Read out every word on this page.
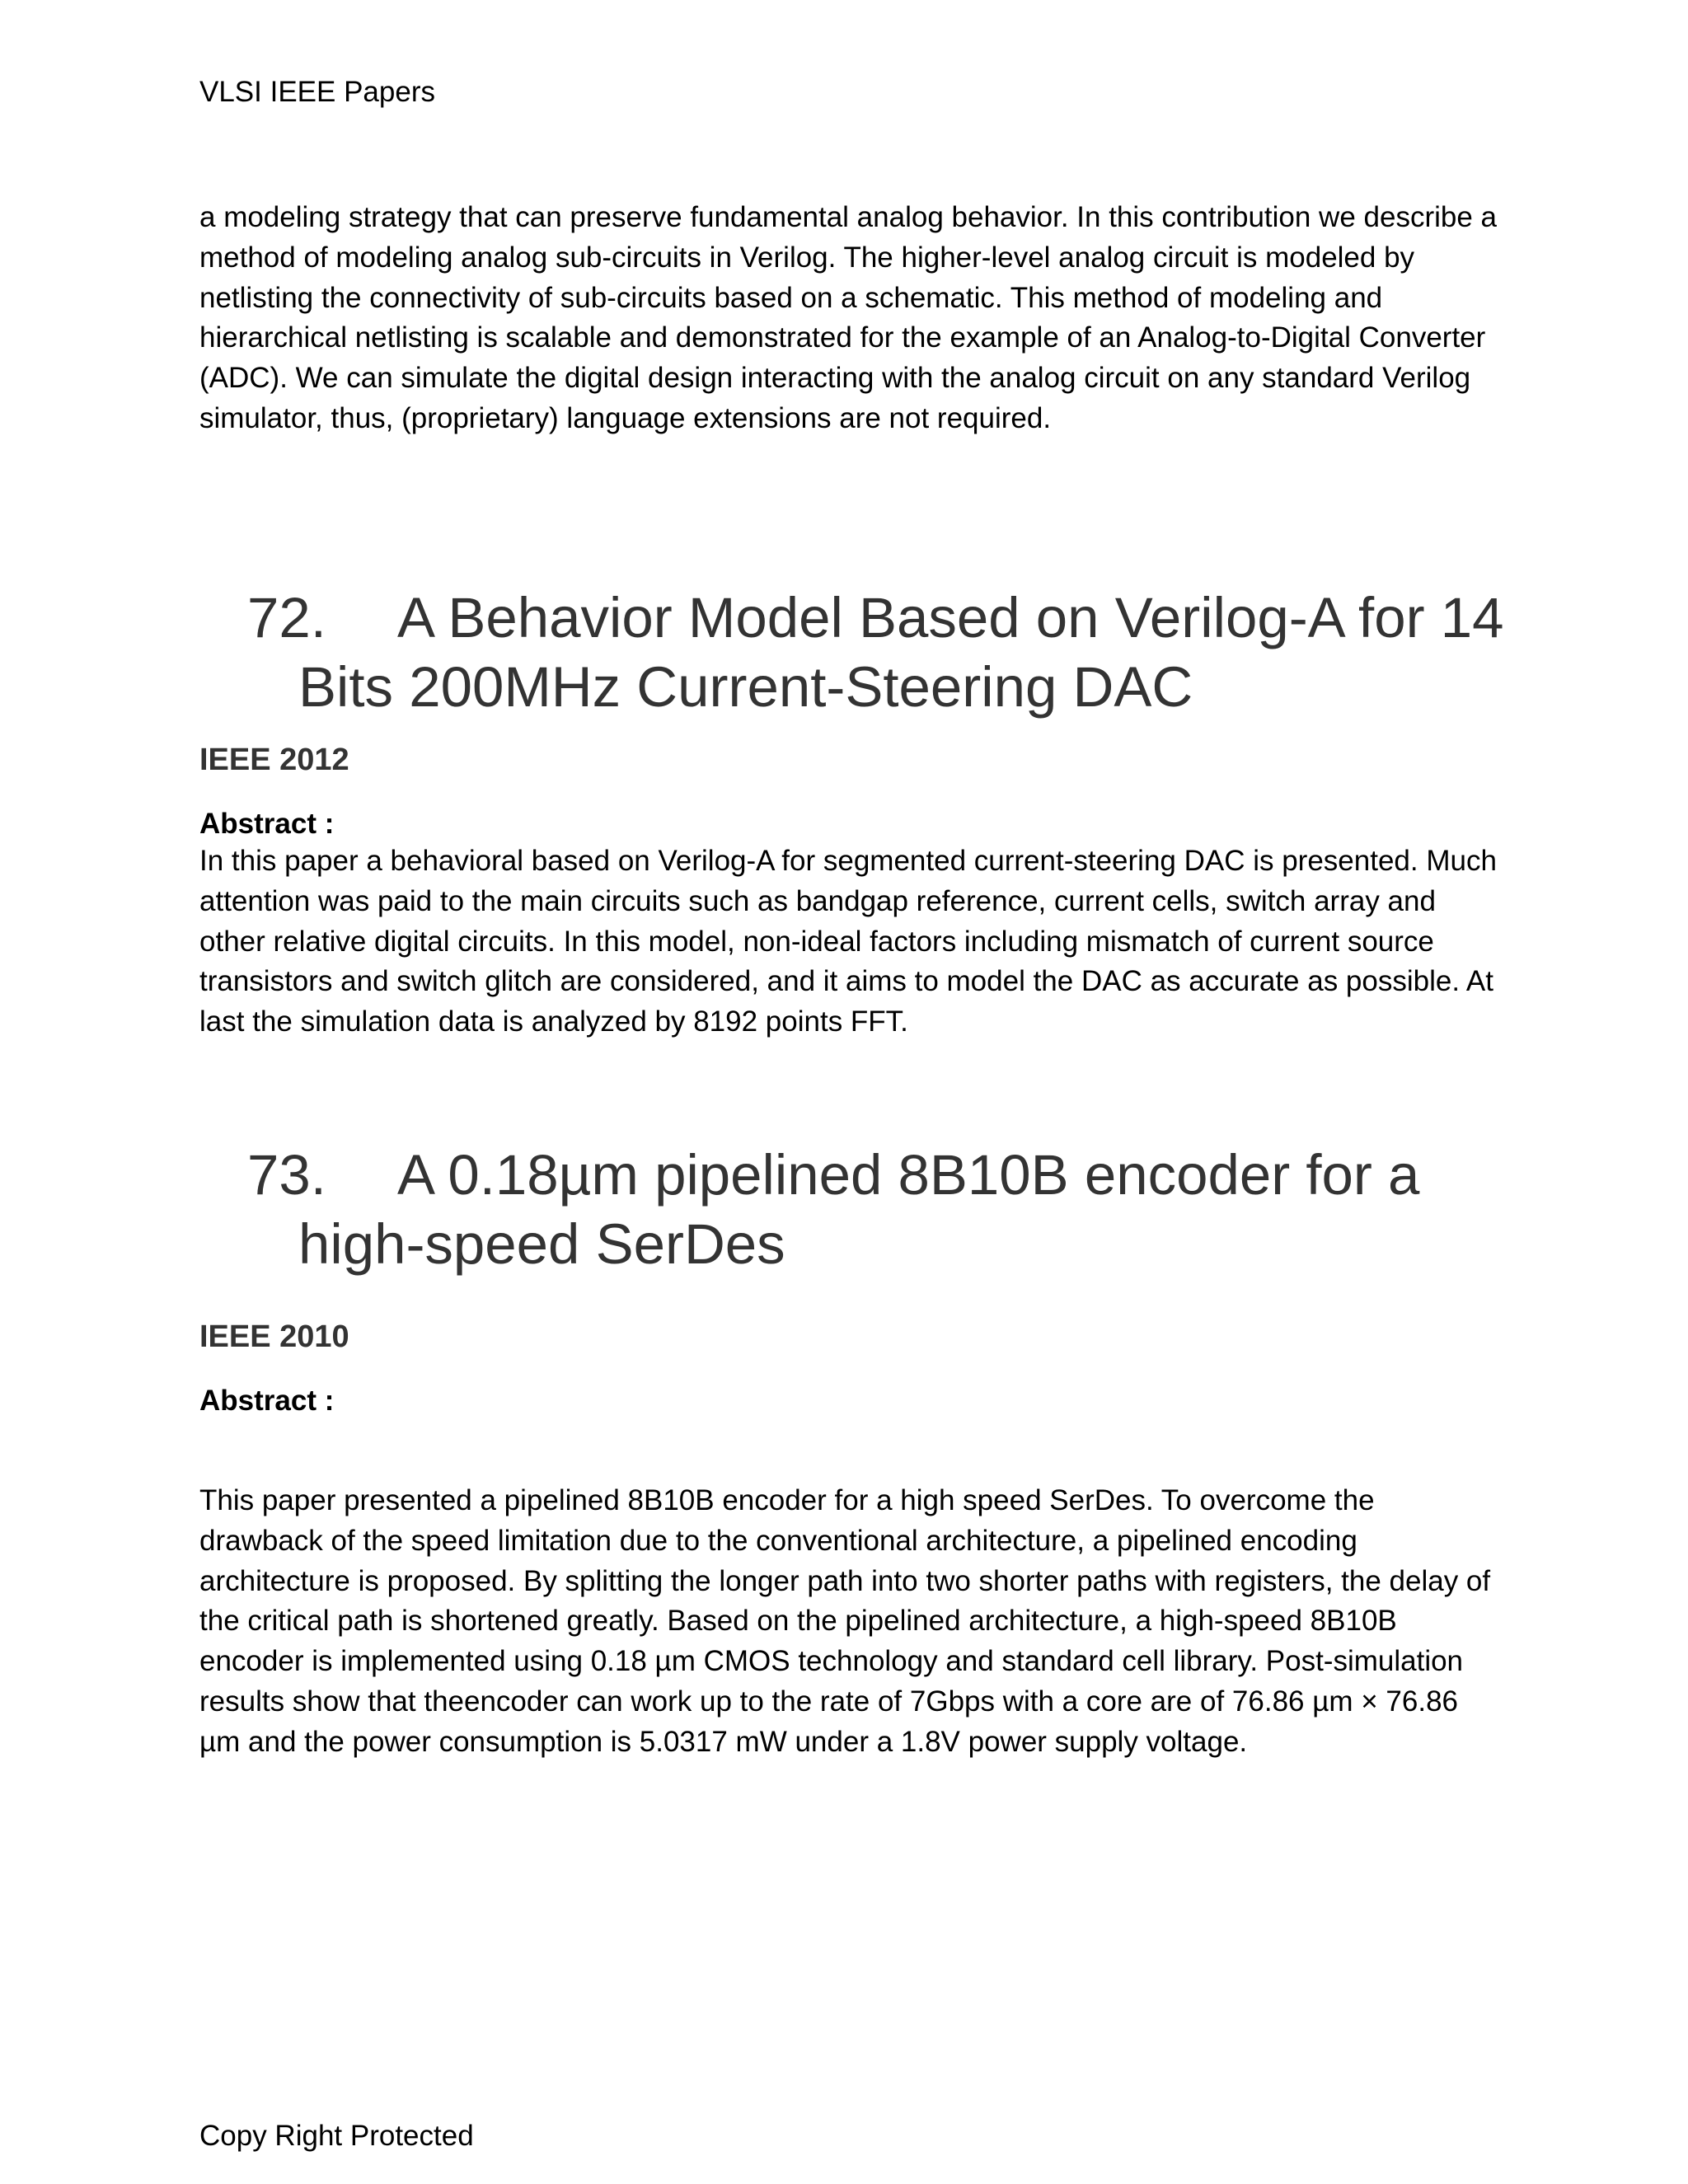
VLSI IEEE Papers

a modeling strategy that can preserve fundamental analog behavior. In this contribution we describe a method of modeling analog sub-circuits in Verilog. The higher-level analog circuit is modeled by netlisting the connectivity of sub-circuits based on a schematic. This method of modeling and hierarchical netlisting is scalable and demonstrated for the example of an Analog-to-Digital Converter (ADC). We can simulate the digital design interacting with the analog circuit on any standard Verilog simulator, thus, (proprietary) language extensions are not required.

72. A Behavior Model Based on Verilog-A for 14
Bits 200MHz Current-Steering DAC

IEEE 2012

Abstract :

In this paper a behavioral based on Verilog-A for segmented current-steering DAC is presented. Much attention was paid to the main circuits such as bandgap reference, current cells, switch array and other relative digital circuits. In this model, non-ideal factors including mismatch of current source transistors and switch glitch are considered, and it aims to model the DAC as accurate as possible. At last the simulation data is analyzed by 8192 points FFT.

73. A 0.18µm pipelined 8B10B encoder for a
high-speed SerDes

IEEE 2010

Abstract :

This paper presented a pipelined 8B10B encoder for a high speed SerDes. To overcome the drawback of the speed limitation due to the conventional architecture, a pipelined encoding architecture is proposed. By splitting the longer path into two shorter paths with registers, the delay of the critical path is shortened greatly. Based on the pipelined architecture, a high-speed 8B10B encoder is implemented using 0.18 µm CMOS technology and standard cell library. Post-simulation results show that theencoder can work up to the rate of 7Gbps with a core are of 76.86 µm × 76.86 µm and the power consumption is 5.0317 mW under a 1.8V power supply voltage.

Copy Right Protected
